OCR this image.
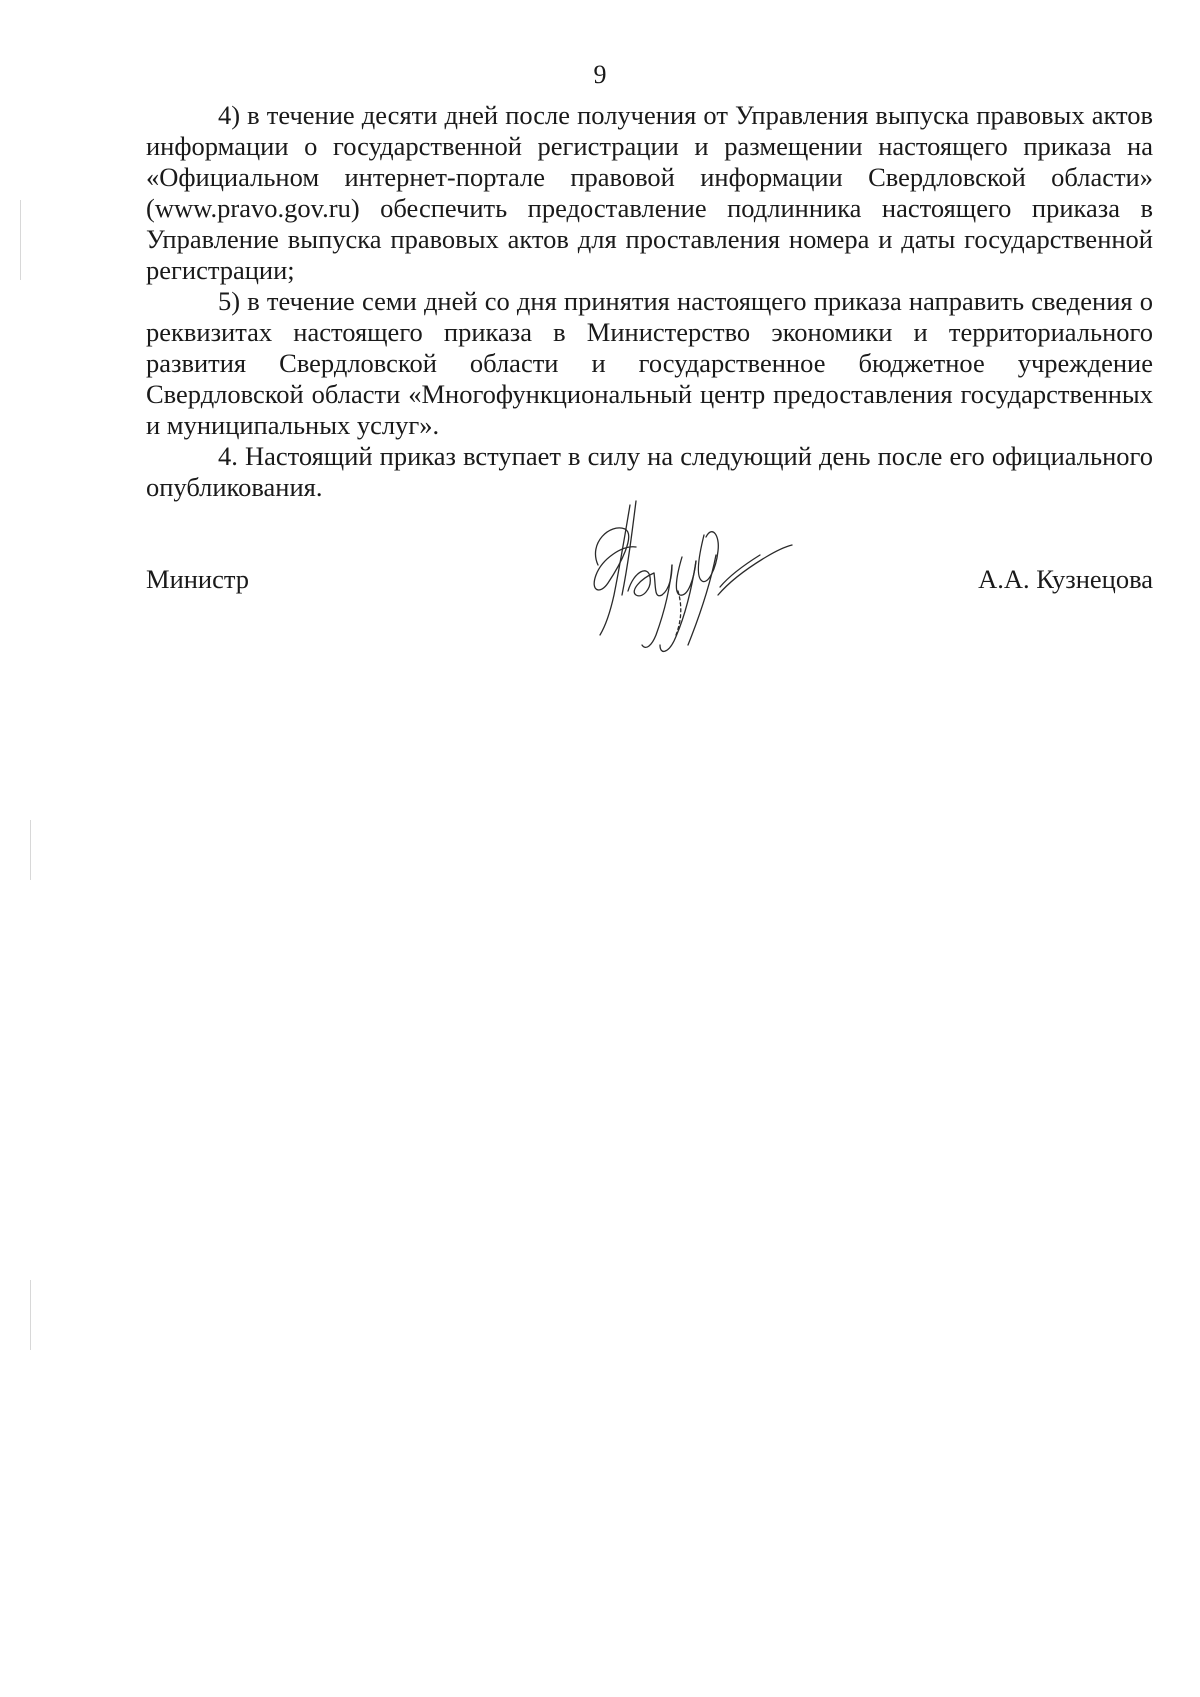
9

4) в течение десяти дней после получения от Управления выпуска правовых актов информации о государственной регистрации и размещении настоящего приказа на «Официальном интернет-портале правовой информации Свердловской области» (www.pravo.gov.ru) обеспечить предоставление подлинника настоящего приказа в Управление выпуска правовых актов для проставления номера и даты государственной регистрации;

5) в течение семи дней со дня принятия настоящего приказа направить сведения о реквизитах настоящего приказа в Министерство экономики и территориального развития Свердловской области и государственное бюджетное учреждение Свердловской области «Многофункциональный центр предоставления государственных и муниципальных услуг».

4. Настоящий приказ вступает в силу на следующий день после его официального опубликования.

Министр	А.А. Кузнецова
